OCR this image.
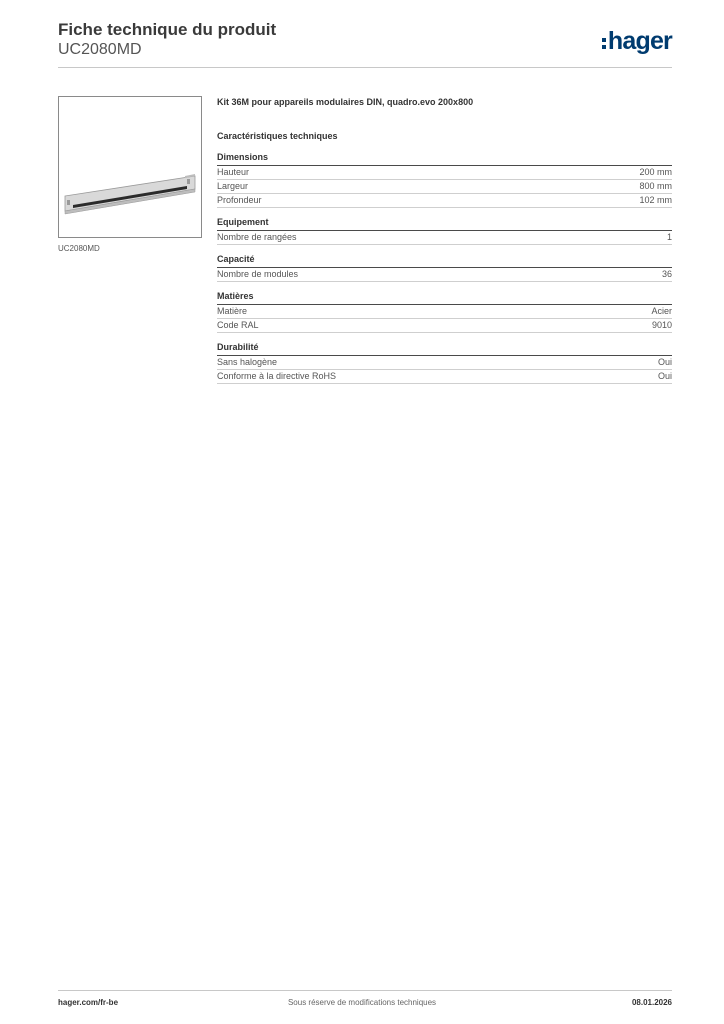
Fiche technique du produit
UC2080MD	hager
UC2080MD
Kit 36M pour appareils modulaires DIN, quadro.evo 200x800
Caractéristiques techniques
Dimensions
Hauteur	200 mm
Largeur	800 mm
Profondeur	102 mm
Equipement
Nombre de rangées	1
Capacité
Nombre de modules	36
Matières
Matière	Acier
Code RAL	9010
Durabilité
Sans halogène	Oui
Conforme à la directive RoHS	Oui
hager.com/fr-be	Sous réserve de modifications techniques	08.01.2026
